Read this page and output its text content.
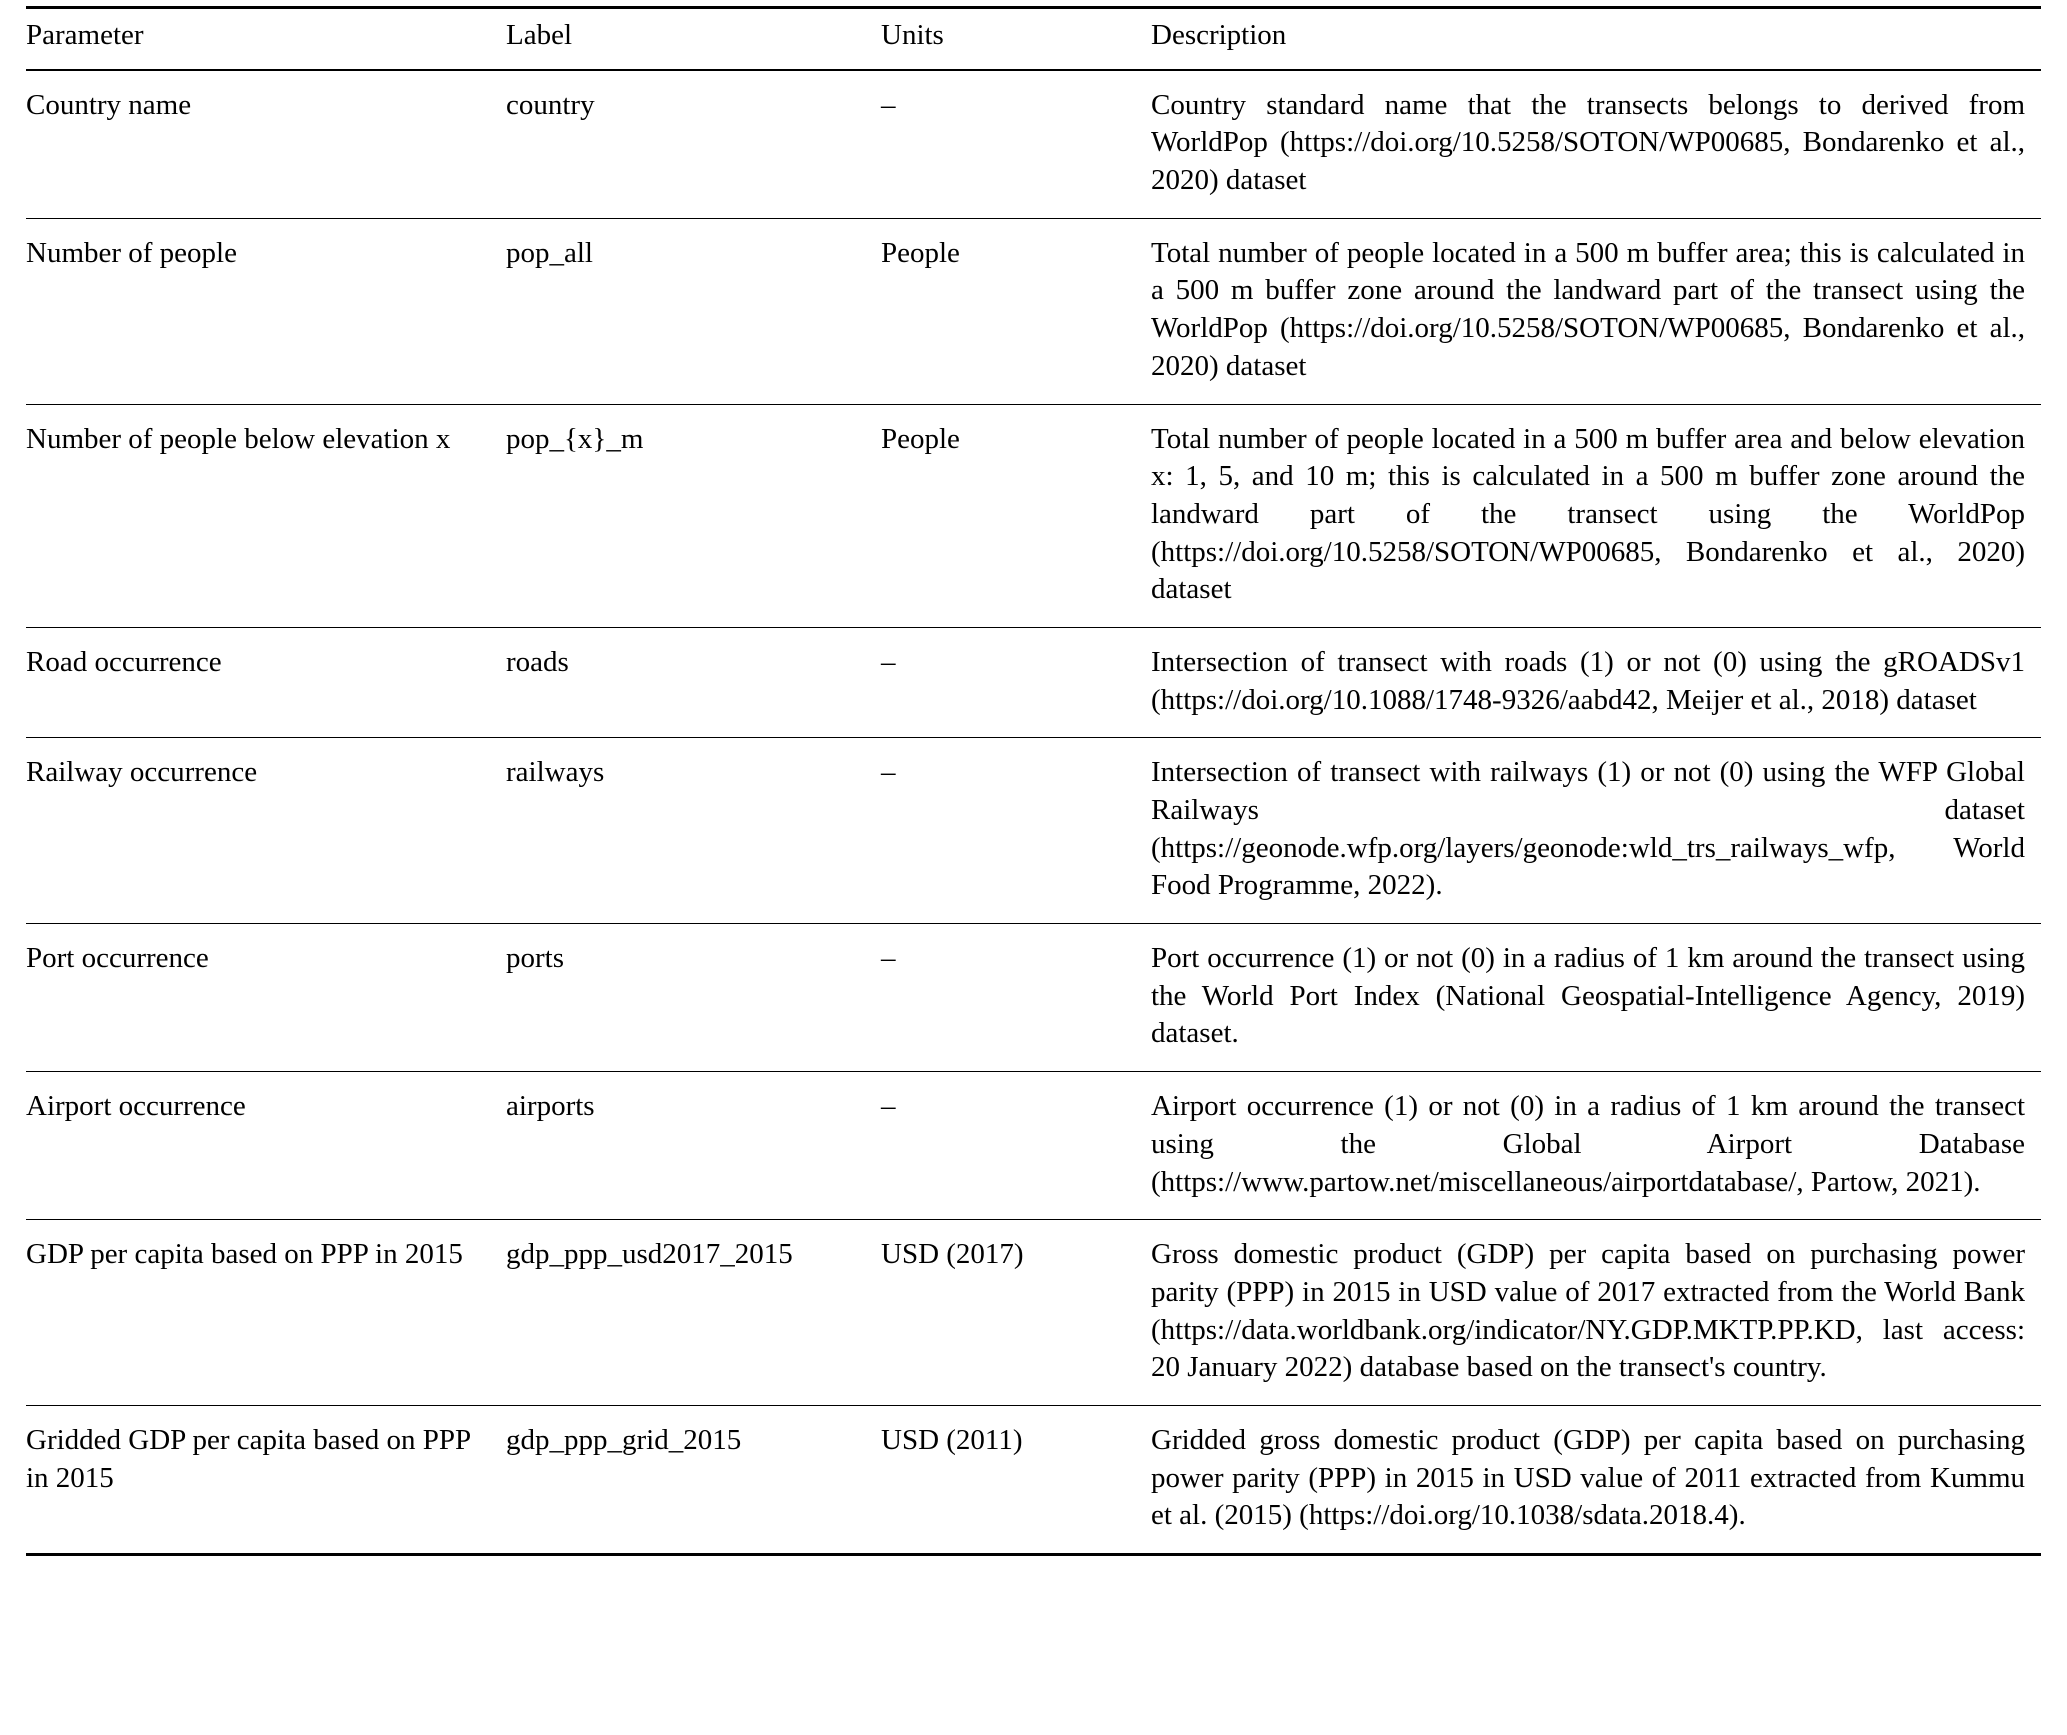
Parameter	Label	Units	Description
Country name	country	–	Country standard name that the transects belongs to derived from WorldPop (https://doi.org/10.5258/SOTON/WP00685, Bondarenko et al., 2020) dataset
Number of people	pop_all	People	Total number of people located in a 500 m buffer area; this is calculated in a 500 m buffer zone around the landward part of the transect using the WorldPop (https://doi.org/10.5258/SOTON/WP00685, Bondarenko et al., 2020) dataset
Number of people below elevation x	pop_{x}_m	People	Total number of people located in a 500 m buffer area and below elevation x: 1, 5, and 10 m; this is calculated in a 500 m buffer zone around the landward part of the transect using the WorldPop (https://doi.org/10.5258/SOTON/WP00685, Bondarenko et al., 2020) dataset
Road occurrence	roads	–	Intersection of transect with roads (1) or not (0) using the gROADSv1 (https://doi.org/10.1088/1748-9326/aabd42, Meijer et al., 2018) dataset
Railway occurrence	railways	–	Intersection of transect with railways (1) or not (0) using the WFP Global Railways dataset (https://geonode.wfp.org/layers/geonode:wld_trs_railways_wfp, World Food Programme, 2022).
Port occurrence	ports	–	Port occurrence (1) or not (0) in a radius of 1 km around the transect using the World Port Index (National Geospatial-Intelligence Agency, 2019) dataset.
Airport occurrence	airports	–	Airport occurrence (1) or not (0) in a radius of 1 km around the transect using the Global Airport Database (https://www.partow.net/miscellaneous/airportdatabase/, Partow, 2021).
GDP per capita based on PPP in 2015	gdp_ppp_usd2017_2015	USD (2017)	Gross domestic product (GDP) per capita based on purchasing power parity (PPP) in 2015 in USD value of 2017 extracted from the World Bank (https://data.worldbank.org/indicator/NY.GDP.MKTP.PP.KD, last access: 20 January 2022) database based on the transect's country.
Gridded GDP per capita based on PPP in 2015	gdp_ppp_grid_2015	USD (2011)	Gridded gross domestic product (GDP) per capita based on purchasing power parity (PPP) in 2015 in USD value of 2011 extracted from Kummu et al. (2015) (https://doi.org/10.1038/sdata.2018.4).
